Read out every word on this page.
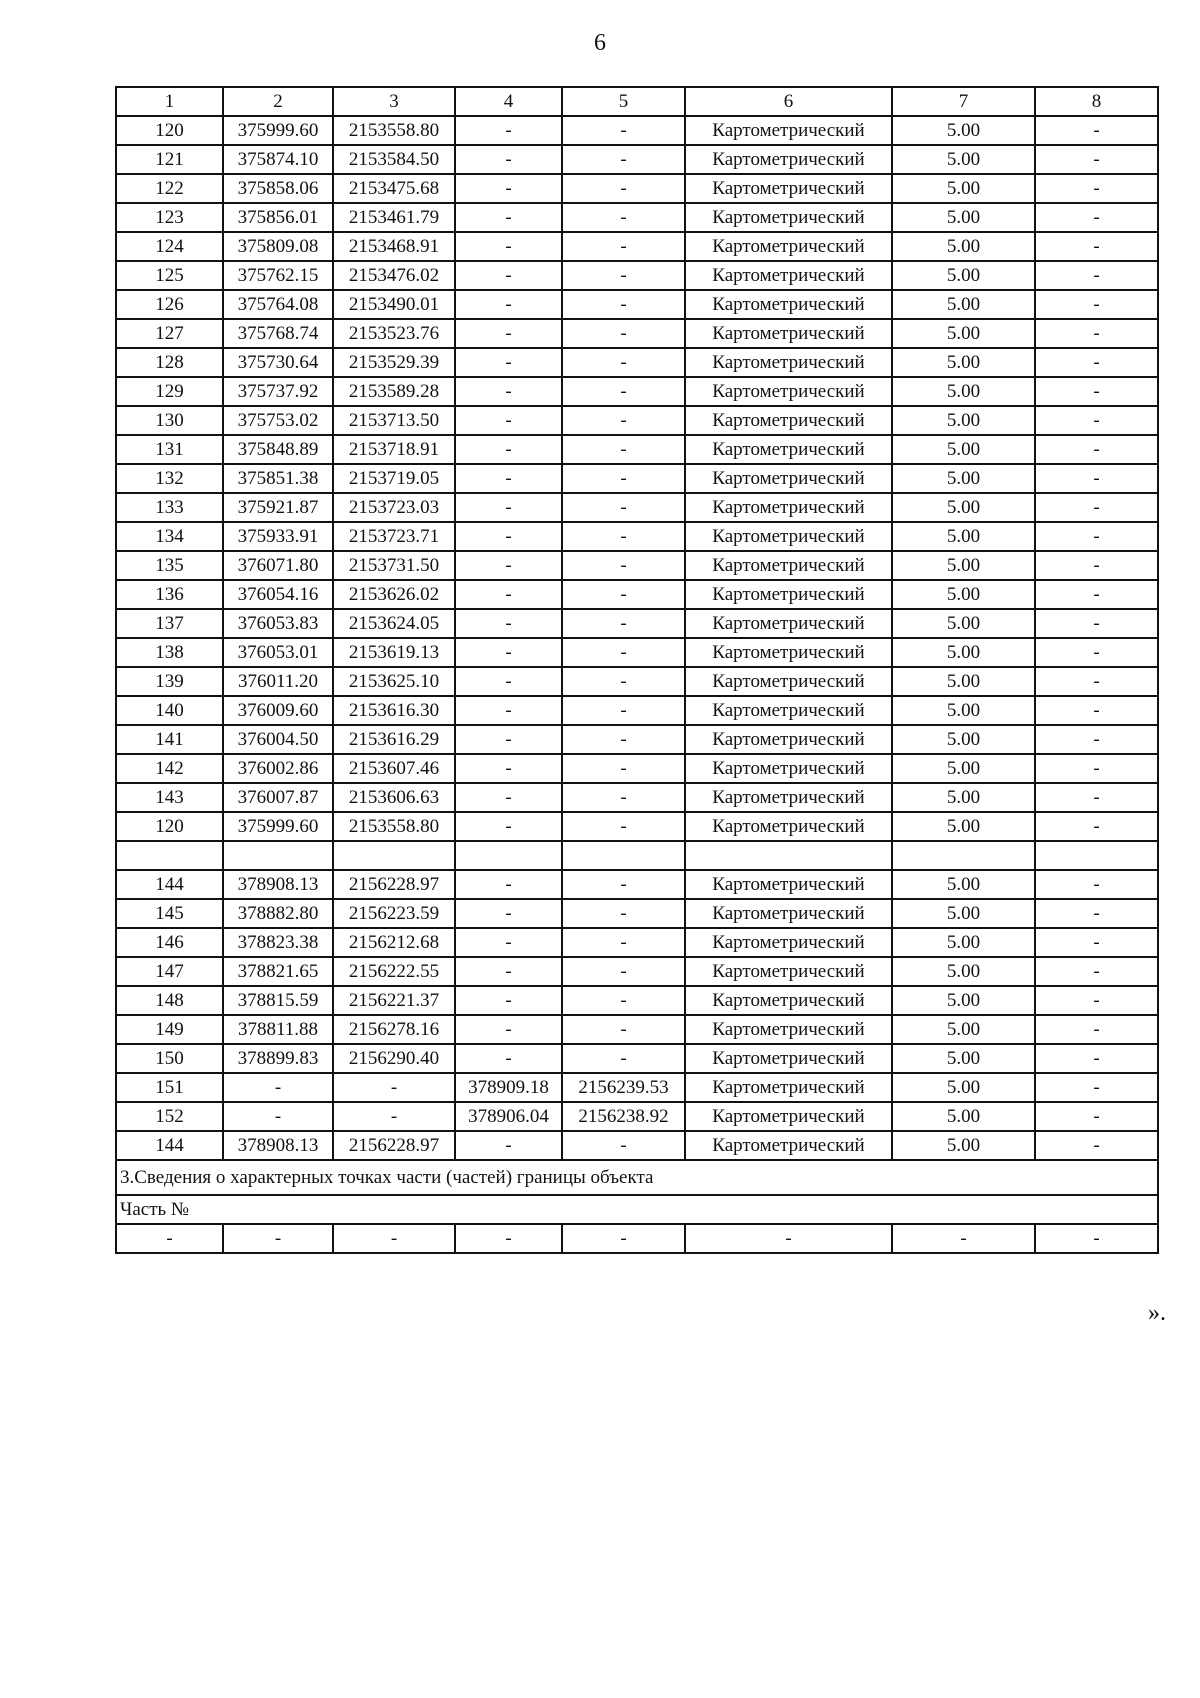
6
1	2	3	4	5	6	7	8
120	375999.60	2153558.80	-	-	Картометрический	5.00	-
121	375874.10	2153584.50	-	-	Картометрический	5.00	-
122	375858.06	2153475.68	-	-	Картометрический	5.00	-
123	375856.01	2153461.79	-	-	Картометрический	5.00	-
124	375809.08	2153468.91	-	-	Картометрический	5.00	-
125	375762.15	2153476.02	-	-	Картометрический	5.00	-
126	375764.08	2153490.01	-	-	Картометрический	5.00	-
127	375768.74	2153523.76	-	-	Картометрический	5.00	-
128	375730.64	2153529.39	-	-	Картометрический	5.00	-
129	375737.92	2153589.28	-	-	Картометрический	5.00	-
130	375753.02	2153713.50	-	-	Картометрический	5.00	-
131	375848.89	2153718.91	-	-	Картометрический	5.00	-
132	375851.38	2153719.05	-	-	Картометрический	5.00	-
133	375921.87	2153723.03	-	-	Картометрический	5.00	-
134	375933.91	2153723.71	-	-	Картометрический	5.00	-
135	376071.80	2153731.50	-	-	Картометрический	5.00	-
136	376054.16	2153626.02	-	-	Картометрический	5.00	-
137	376053.83	2153624.05	-	-	Картометрический	5.00	-
138	376053.01	2153619.13	-	-	Картометрический	5.00	-
139	376011.20	2153625.10	-	-	Картометрический	5.00	-
140	376009.60	2153616.30	-	-	Картометрический	5.00	-
141	376004.50	2153616.29	-	-	Картометрический	5.00	-
142	376002.86	2153607.46	-	-	Картометрический	5.00	-
143	376007.87	2153606.63	-	-	Картометрический	5.00	-
120	375999.60	2153558.80	-	-	Картометрический	5.00	-

144	378908.13	2156228.97	-	-	Картометрический	5.00	-
145	378882.80	2156223.59	-	-	Картометрический	5.00	-
146	378823.38	2156212.68	-	-	Картометрический	5.00	-
147	378821.65	2156222.55	-	-	Картометрический	5.00	-
148	378815.59	2156221.37	-	-	Картометрический	5.00	-
149	378811.88	2156278.16	-	-	Картометрический	5.00	-
150	378899.83	2156290.40	-	-	Картометрический	5.00	-
151	-	-	378909.18	2156239.53	Картометрический	5.00	-
152	-	-	378906.04	2156238.92	Картометрический	5.00	-
144	378908.13	2156228.97	-	-	Картометрический	5.00	-
3.Сведения о характерных точках части (частей) границы объекта							
Часть №							
-	-	-	-	-	-	-	-
».
